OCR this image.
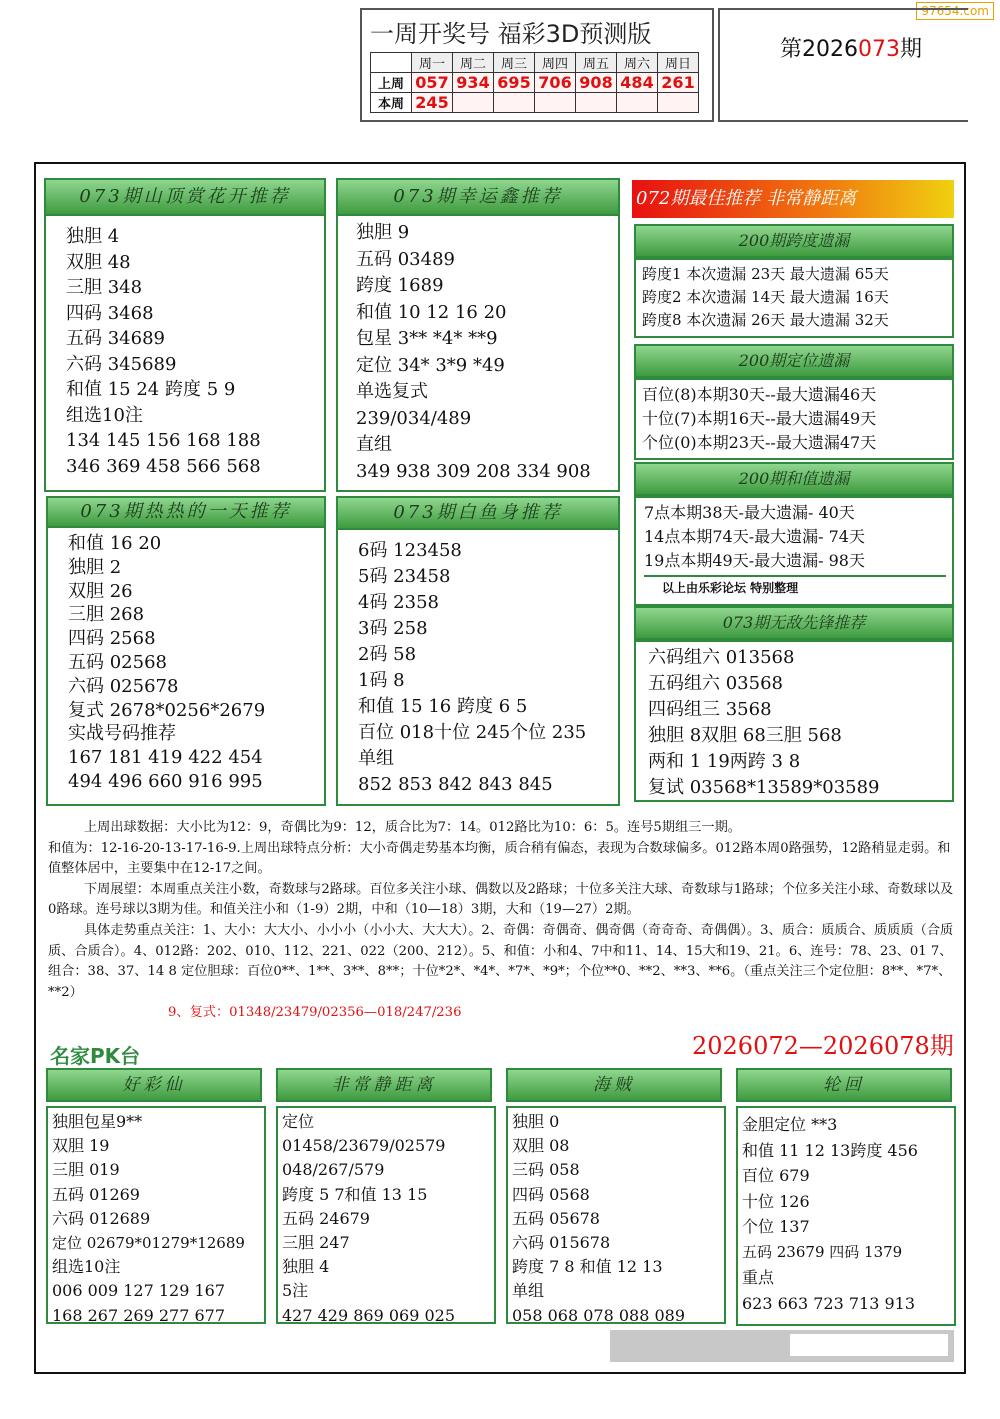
97654.com
一周开奖号 福彩3D预测版
	周一	周二	周三	周四	周五	周六	周日
上周	057	934	695	706	908	484	261
本周	245						
第2026073期
073期山顶赏花开推荐
独胆 4
双胆 48
三胆 348
四码 3468
五码 34689
六码 345689
和值 15 24 跨度 5 9
组选10注
134 145 156 168 188
346 369 458 566 568
073期幸运鑫推荐
独胆 9
五码 03489
跨度 1689
和值 10 12 16 20
包星 3** *4* **9
定位 34* 3*9 *49
单选复式
239/034/489
直组
349 938 309 208 334 908
073期热热的一天推荐
和值 16 20
独胆 2
双胆 26
三胆 268
四码 2568
五码 02568
六码 025678
复式 2678*0256*2679
实战号码推荐
167 181 419 422 454
494 496 660 916 995
073期白鱼身推荐
6码 123458
5码 23458
4码 2358
3码 258
2码 58
1码 8
和值 15 16 跨度 6 5
百位 018十位 245个位 235
单组
852 853 842 843 845
072期最佳推荐 非常静距离
200期跨度遗漏
跨度1 本次遗漏 23天 最大遗漏 65天
跨度2 本次遗漏 14天 最大遗漏 16天
跨度8 本次遗漏 26天 最大遗漏 32天
200期定位遗漏
百位(8)本期30天--最大遗漏46天
十位(7)本期16天--最大遗漏49天
个位(0)本期23天--最大遗漏47天
200期和值遗漏
7点本期38天-最大遗漏- 40天
14点本期74天-最大遗漏- 74天
19点本期49天-最大遗漏- 98天
以上由乐彩论坛 特别整理
073期无敌先锋推荐
六码组六 013568
五码组六 03568
四码组三 3568
独胆 8双胆 68三胆 568
两和 1 19两跨 3 8
复试 03568*13589*03589

上周出球数据：大小比为12：9，奇偶比为9：12，质合比为7：14。012路比为10：6：5。连号5期组三一期。

和值为：12-16-20-13-17-16-9.上周出球特点分析：大小奇偶走势基本均衡，质合稍有偏态，表现为合数球偏多。012路本周0路强势，12路稍显走弱。和值整体居中，主要集中在12-17之间。

下周展望：本周重点关注小数，奇数球与2路球。百位多关注小球、偶数以及2路球；十位多关注大球、奇数球与1路球；个位多关注小球、奇数球以及0路球。连号球以3期为佳。和值关注小和（1-9）2期，中和（10—18）3期，大和（19—27）2期。

具体走势重点关注：1、大小：大大小、小小小（小小大、大大大）。2、奇偶：奇偶奇、偶奇偶（奇奇奇、奇偶偶）。3、质合：质质合、质质质（合质质、合质合）。4、012路：202、010、112、221、022（200、212）。5、和值：小和4、7中和11、14、15大和19、21。6、连号：78、23、01 7、组合：38、37、14 8 定位胆球：百位0**、1**、3**、8**；十位*2*、*4*、*7*、*9*；个位**0、**2、**3、**6。（重点关注三个定位胆：8**、*7*、**2）

9、复式：01348/23479/02356—018/247/236

名家PK台	2026072—2026078期
好彩仙
独胆包星9**
双胆 19
三胆 019
五码 01269
六码 012689
定位 02679*01279*12689
组选10注
006 009 127 129 167
168 267 269 277 677
非常静距离
定位
01458/23679/02579
048/267/579
跨度 5 7和值 13 15
五码 24679
三胆 247
独胆 4
5注
427 429 869 069 025
海贼
独胆 0
双胆 08
三码 058
四码 0568
五码 05678
六码 015678
跨度 7 8 和值 12 13
单组
058 068 078 088 089
轮回
金胆定位 **3
和值 11 12 13跨度 456
百位 679
十位 126
个位 137
五码 23679 四码 1379
重点
623 663 723 713 913
